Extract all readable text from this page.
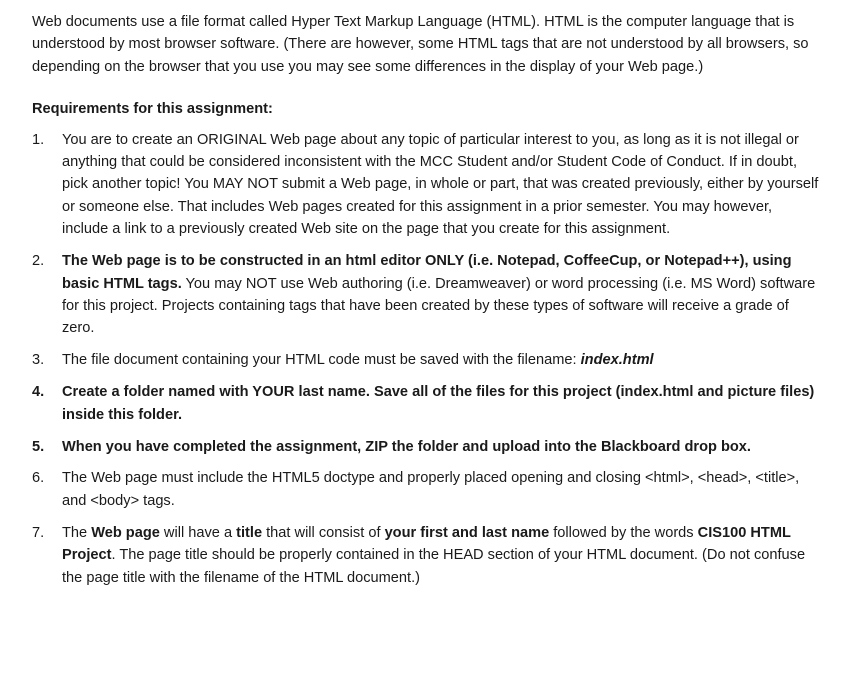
Web documents use a file format called Hyper Text Markup Language (HTML). HTML is the computer language that is understood by most browser software. (There are however, some HTML tags that are not understood by all browsers, so depending on the browser that you use you may see some differences in the display of your Web page.)

Requirements for this assignment:

1. You are to create an ORIGINAL Web page about any topic of particular interest to you, as long as it is not illegal or anything that could be considered inconsistent with the MCC Student and/or Student Code of Conduct. If in doubt, pick another topic! You MAY NOT submit a Web page, in whole or part, that was created previously, either by yourself or someone else. That includes Web pages created for this assignment in a prior semester. You may however, include a link to a previously created Web site on the page that you create for this assignment.
2. The Web page is to be constructed in an html editor ONLY (i.e. Notepad, CoffeeCup, or Notepad++), using basic HTML tags. You may NOT use Web authoring (i.e. Dreamweaver) or word processing (i.e. MS Word) software for this project. Projects containing tags that have been created by these types of software will receive a grade of zero.
3. The file document containing your HTML code must be saved with the filename: index.html
4. Create a folder named with YOUR last name. Save all of the files for this project (index.html and picture files) inside this folder.
5. When you have completed the assignment, ZIP the folder and upload into the Blackboard drop box.
6. The Web page must include the HTML5 doctype and properly placed opening and closing <html>, <head>, <title>, and <body> tags.
7. The Web page will have a title that will consist of your first and last name followed by the words CIS100 HTML Project. The page title should be properly contained in the HEAD section of your HTML document. (Do not confuse the page title with the filename of the HTML document.)
